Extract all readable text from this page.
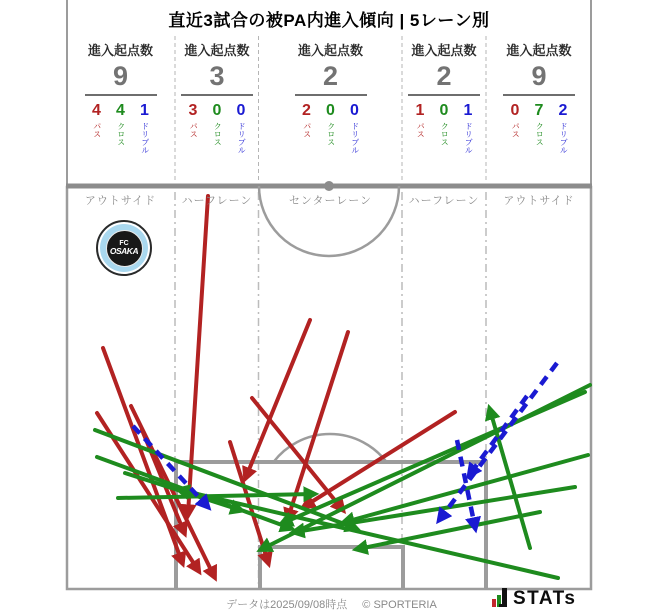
直近3試合の被PA内進入傾向 | 5レーン別
進入起点数
9
4
パス
4
クロス
1
ドリブル
進入起点数
3
3
パス
0
クロス
0
ドリブル
進入起点数
2
2
パス
0
クロス
0
ドリブル
進入起点数
2
1
パス
0
クロス
1
ドリブル
進入起点数
9
0
パス
7
クロス
2
ドリブル
アウトサイド	ハーフレーン	センターレーン	ハーフレーン	アウトサイド
FC
OSAKA
データは2025/09/08時点 © SPORTERIA	STATs
